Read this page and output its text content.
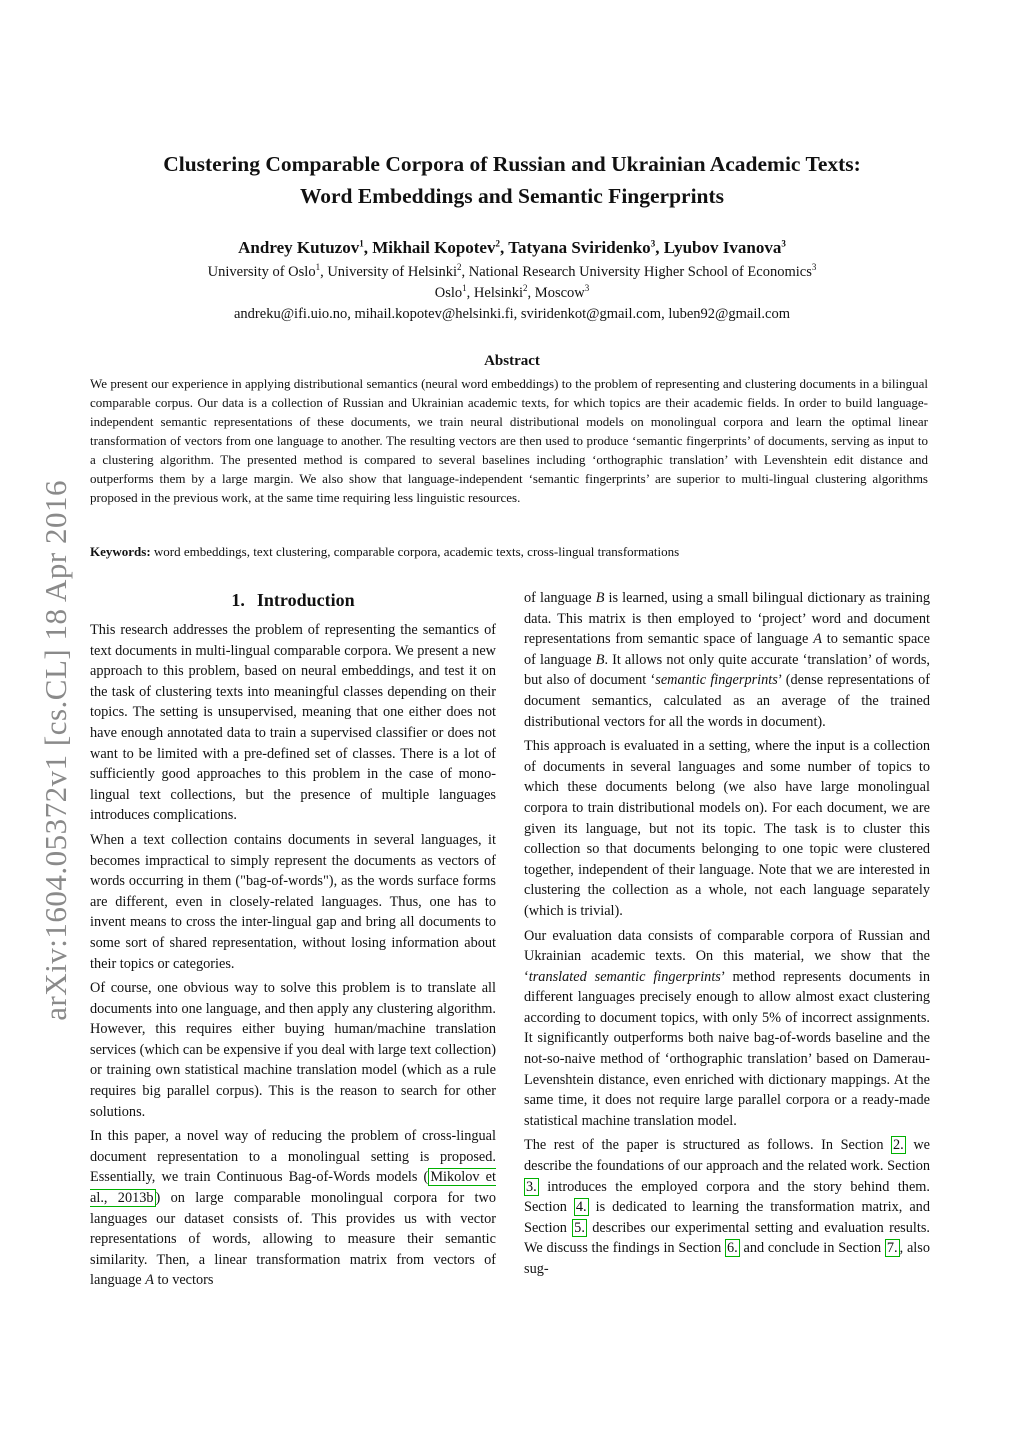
arXiv:1604.05372v1 [cs.CL] 18 Apr 2016
Clustering Comparable Corpora of Russian and Ukrainian Academic Texts:
Word Embeddings and Semantic Fingerprints
Andrey Kutuzov$^1$, Mikhail Kopotev$^2$, Tatyana Sviridenko$^3$, Lyubov Ivanova$^3$
University of Oslo$^1$, University of Helsinki$^2$, National Research University Higher School of Economics$^3$
Oslo$^1$, Helsinki$^2$, Moscow$^3$
andreku@ifi.uio.no, mihail.kopotev@helsinki.fi, sviridenkot@gmail.com, luben92@gmail.com
Abstract

We present our experience in applying distributional semantics (neural word embeddings) to the problem of representing and clustering documents in a bilingual comparable corpus. Our data is a collection of Russian and Ukrainian academic texts, for which topics are their academic fields. In order to build language-independent semantic representations of these documents, we train neural distributional models on monolingual corpora and learn the optimal linear transformation of vectors from one language to another. The resulting vectors are then used to produce ‘semantic fingerprints’ of documents, serving as input to a clustering algorithm. The presented method is compared to several baselines including ‘orthographic translation’ with Levenshtein edit distance and outperforms them by a large margin. We also show that language-independent ‘semantic fingerprints’ are superior to multi-lingual clustering algorithms proposed in the previous work, at the same time requiring less linguistic resources.

Keywords: word embeddings, text clustering, comparable corpora, academic texts, cross-lingual transformations

1. Introduction

This research addresses the problem of representing the semantics of text documents in multi-lingual comparable corpora. We present a new approach to this problem, based on neural embeddings, and test it on the task of clustering texts into meaningful classes depending on their topics. The setting is unsupervised, meaning that one either does not have enough annotated data to train a supervised classifier or does not want to be limited with a pre-defined set of classes. There is a lot of sufficiently good approaches to this problem in the case of mono-lingual text collections, but the presence of multiple languages introduces complications.

When a text collection contains documents in several languages, it becomes impractical to simply represent the documents as vectors of words occurring in them ("bag-of-words"), as the words surface forms are different, even in closely-related languages. Thus, one has to invent means to cross the inter-lingual gap and bring all documents to some sort of shared representation, without losing information about their topics or categories.

Of course, one obvious way to solve this problem is to translate all documents into one language, and then apply any clustering algorithm. However, this requires either buying human/machine translation services (which can be expensive if you deal with large text collection) or training own statistical machine translation model (which as a rule requires big parallel corpus). This is the reason to search for other solutions.

In this paper, a novel way of reducing the problem of cross-lingual document representation to a monolingual setting is proposed. Essentially, we train Continuous Bag-of-Words models ( Mikolov et al., 2013b ) on large comparable monolingual corpora for two languages our dataset consists of. This provides us with vector representations of words, allowing to measure their semantic similarity. Then, a linear transformation matrix from vectors of language A to vectors

of language B is learned, using a small bilingual dictionary as training data. This matrix is then employed to ‘project’ word and document representations from semantic space of language A to semantic space of language B. It allows not only quite accurate ‘translation’ of words, but also of document ‘semantic fingerprints’ (dense representations of document semantics, calculated as an average of the trained distributional vectors for all the words in document).

This approach is evaluated in a setting, where the input is a collection of documents in several languages and some number of topics to which these documents belong (we also have large monolingual corpora to train distributional models on). For each document, we are given its language, but not its topic. The task is to cluster this collection so that documents belonging to one topic were clustered together, independent of their language. Note that we are interested in clustering the collection as a whole, not each language separately (which is trivial).

Our evaluation data consists of comparable corpora of Russian and Ukrainian academic texts. On this material, we show that the ‘translated semantic fingerprints’ method represents documents in different languages precisely enough to allow almost exact clustering according to document topics, with only 5% of incorrect assignments. It significantly outperforms both naive bag-of-words baseline and the not-so-naive method of ‘orthographic translation’ based on Damerau-Levenshtein distance, even enriched with dictionary mappings. At the same time, it does not require large parallel corpora or a ready-made statistical machine translation model.

The rest of the paper is structured as follows. In Section 2. we describe the foundations of our approach and the related work. Section 3. introduces the employed corpora and the story behind them. Section 4. is dedicated to learning the transformation matrix, and Section 5. describes our experimental setting and evaluation results. We discuss the findings in Section 6. and conclude in Section 7. , also sug-
